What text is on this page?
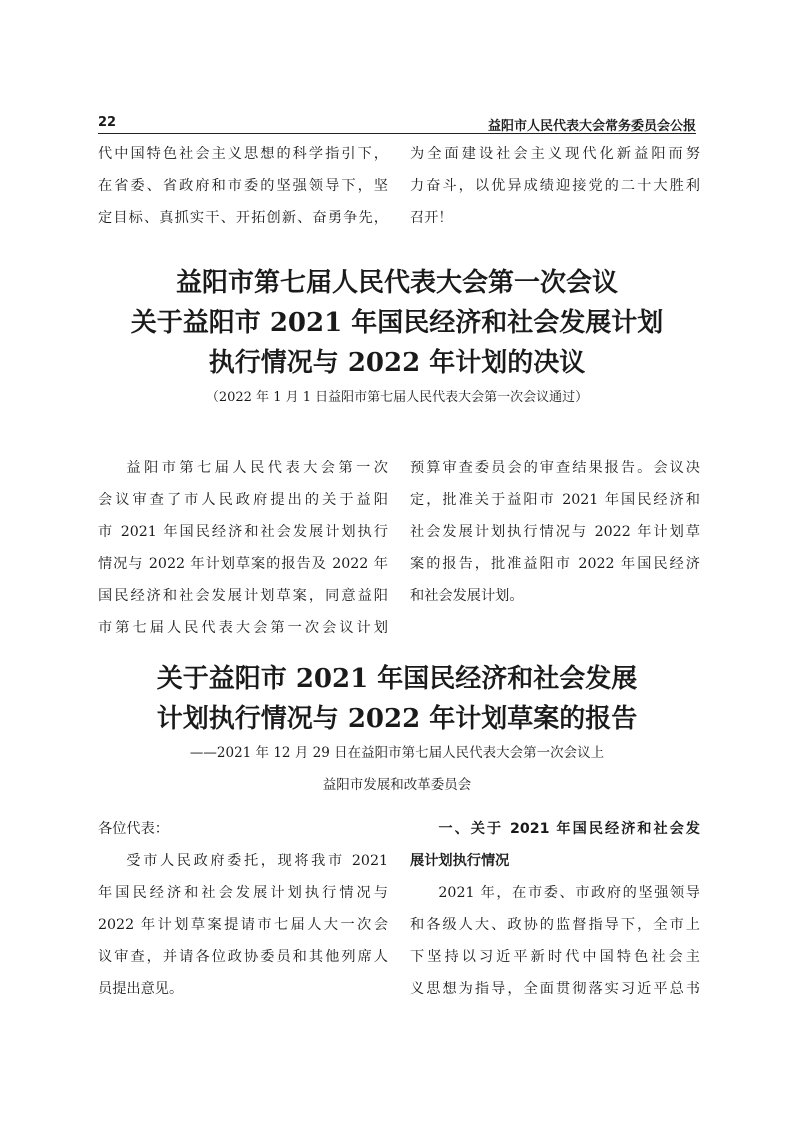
22	益阳市人民代表大会常务委员会公报

代中国特色社会主义思想的科学指引下，

在省委、省政府和市委的坚强领导下，坚

定目标、真抓实干、开拓创新、奋勇争先，

为全面建设社会主义现代化新益阳而努

力奋斗，以优异成绩迎接党的二十大胜利

召开！

益阳市第七届人民代表大会第一次会议
关于益阳市 2021 年国民经济和社会发展计划
执行情况与 2022 年计划的决议
（2022 年 1 月 1 日益阳市第七届人民代表大会第一次会议通过）

益阳市第七届人民代表大会第一次

会议审查了市人民政府提出的关于益阳

市 2021 年国民经济和社会发展计划执行

情况与 2022 年计划草案的报告及 2022 年

国民经济和社会发展计划草案，同意益阳

市第七届人民代表大会第一次会议计划

预算审查委员会的审查结果报告。会议决

定，批准关于益阳市 2021 年国民经济和

社会发展计划执行情况与 2022 年计划草

案的报告，批准益阳市 2022 年国民经济

和社会发展计划。

关于益阳市 2021 年国民经济和社会发展
计划执行情况与 2022 年计划草案的报告
——2021 年 12 月 29 日在益阳市第七届人民代表大会第一次会议上
益阳市发展和改革委员会

各位代表：

受市人民政府委托，现将我市 2021

年国民经济和社会发展计划执行情况与

2022 年计划草案提请市七届人大一次会

议审查，并请各位政协委员和其他列席人

员提出意见。

一、关于 2021 年国民经济和社会发

展计划执行情况

2021 年，在市委、市政府的坚强领导

和各级人大、政协的监督指导下，全市上

下坚持以习近平新时代中国特色社会主

义思想为指导，全面贯彻落实习近平总书
